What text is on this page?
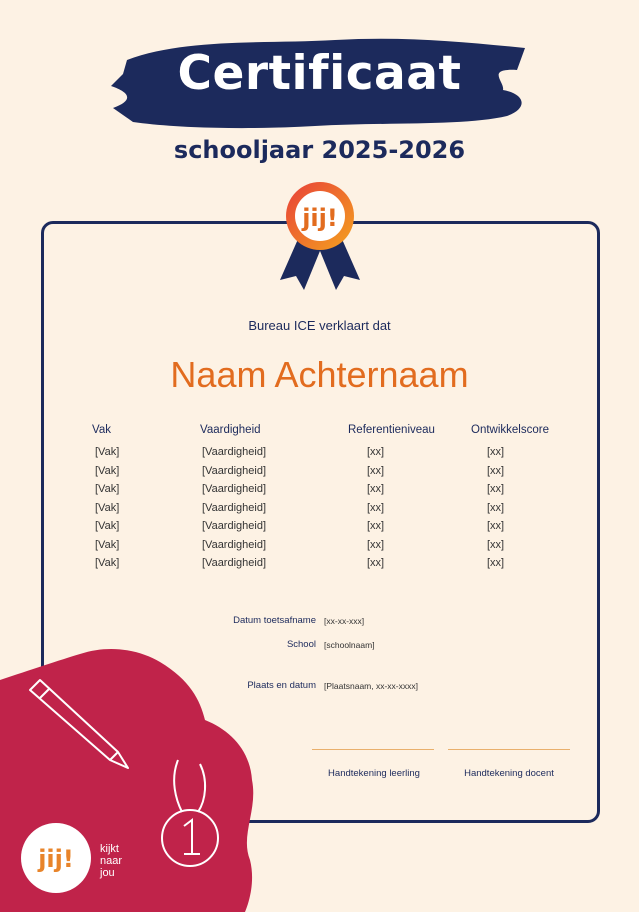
Certificaat
schooljaar 2025-2026
jij!
Bureau ICE verklaart dat
Naam Achternaam
Vak	Vaardigheid	Referentieniveau	Ontwikkelscore
[Vak]	[Vaardigheid]	[xx]	[xx]
[Vak]	[Vaardigheid]	[xx]	[xx]
[Vak]	[Vaardigheid]	[xx]	[xx]
[Vak]	[Vaardigheid]	[xx]	[xx]
[Vak]	[Vaardigheid]	[xx]	[xx]
[Vak]	[Vaardigheid]	[xx]	[xx]
[Vak]	[Vaardigheid]	[xx]	[xx]
Datum toetsafname [xx-xx-xxx]
School [schoolnaam]
Plaats en datum [Plaatsnaam, xx-xx-xxxx]
Handtekening leerling	Handtekening docent
jij! kijkt
naar
jou
